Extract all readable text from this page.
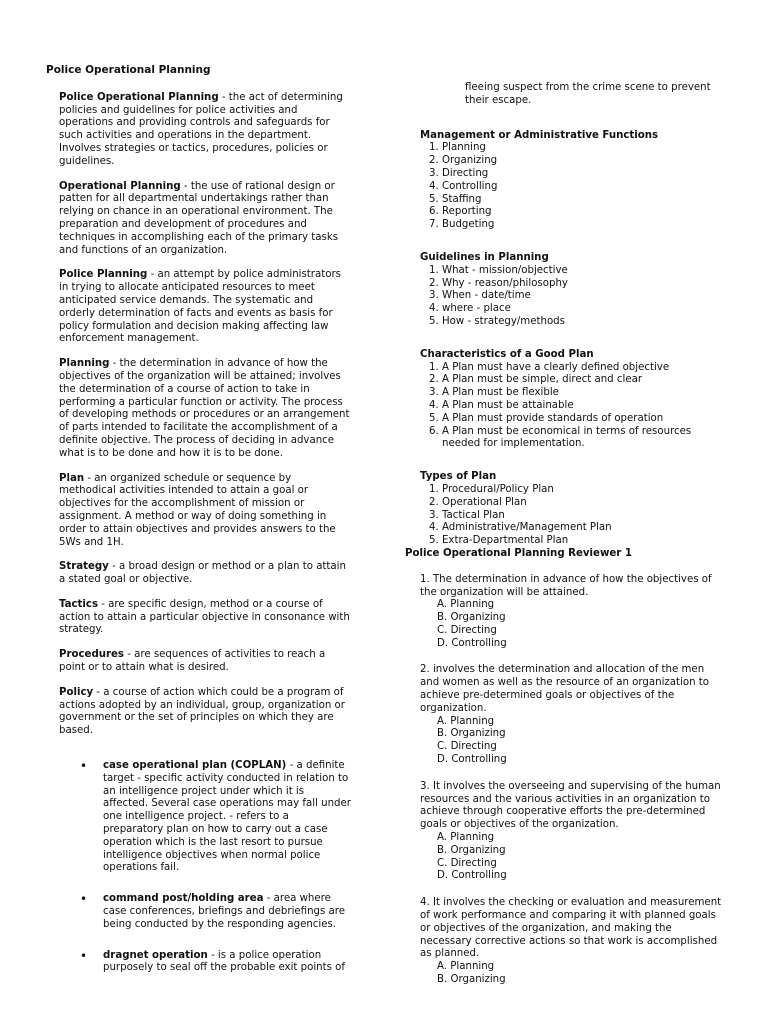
Police Operational Planning
Police Operational Planning - the act of determining policies and guidelines for police activities and operations and providing controls and safeguards for such activities and operations in the department. Involves strategies or tactics, procedures, policies or guidelines.
Operational Planning - the use of rational design or patten for all departmental undertakings rather than relying on chance in an operational environment. The preparation and development of procedures and techniques in accomplishing each of the primary tasks and functions of an organization.
Police Planning - an attempt by police administrators in trying to allocate anticipated resources to meet anticipated service demands. The systematic and orderly determination of facts and events as basis for policy formulation and decision making affecting law enforcement management.
Planning - the determination in advance of how the objectives of the organization will be attained; involves the determination of a course of action to take in performing a particular function or activity. The process of developing methods or procedures or an arrangement of parts intended to facilitate the accomplishment of a definite objective. The process of deciding in advance what is to be done and how it is to be done.
Plan - an organized schedule or sequence by methodical activities intended to attain a goal or objectives for the accomplishment of mission or assignment. A method or way of doing something in order to attain objectives and provides answers to the 5Ws and 1H.
Strategy - a broad design or method or a plan to attain a stated goal or objective.
Tactics - are specific design, method or a course of action to attain a particular objective in consonance with strategy.
Procedures - are sequences of activities to reach a point or to attain what is desired.
Policy - a course of action which could be a program of actions adopted by an individual, group, organization or government or the set of principles on which they are based.
• case operational plan (COPLAN) - a definite target - specific activity conducted in relation to an intelligence project under which it is affected. Several case operations may fall under one intelligence project. - refers to a preparatory plan on how to carry out a case operation which is the last resort to pursue intelligence objectives when normal police operations fail.
• command post/holding area - area where case conferences, briefings and debriefings are being conducted by the responding agencies.
• dragnet operation - is a police operation purposely to seal off the probable exit points of
fleeing suspect from the crime scene to prevent their escape.
Management or Administrative Functions
1. Planning
2. Organizing
3. Directing
4. Controlling
5. Staffing
6. Reporting
7. Budgeting
Guidelines in Planning
1. What - mission/objective
2. Why - reason/philosophy
3. When - date/time
4. where - place
5. How - strategy/methods
Characteristics of a Good Plan
1. A Plan must have a clearly defined objective
2. A Plan must be simple, direct and clear
3. A Plan must be flexible
4. A Plan must be attainable
5. A Plan must provide standards of operation
6. A Plan must be economical in terms of resources needed for implementation.
Types of Plan
1. Procedural/Policy Plan
2. Operational Plan
3. Tactical Plan
4. Administrative/Management Plan
5. Extra-Departmental Plan
Police Operational Planning Reviewer 1
1. The determination in advance of how the objectives of the organization will be attained.
A. Planning
B. Organizing
C. Directing
D. Controlling
2. involves the determination and allocation of the men and women as well as the resource of an organization to achieve pre-determined goals or objectives of the organization.
A. Planning
B. Organizing
C. Directing
D. Controlling
3. It involves the overseeing and supervising of the human resources and the various activities in an organization to achieve through cooperative efforts the pre-determined goals or objectives of the organization.
A. Planning
B. Organizing
C. Directing
D. Controlling
4. It involves the checking or evaluation and measurement of work performance and comparing it with planned goals or objectives of the organization, and making the necessary corrective actions so that work is accomplished as planned.
A. Planning
B. Organizing
